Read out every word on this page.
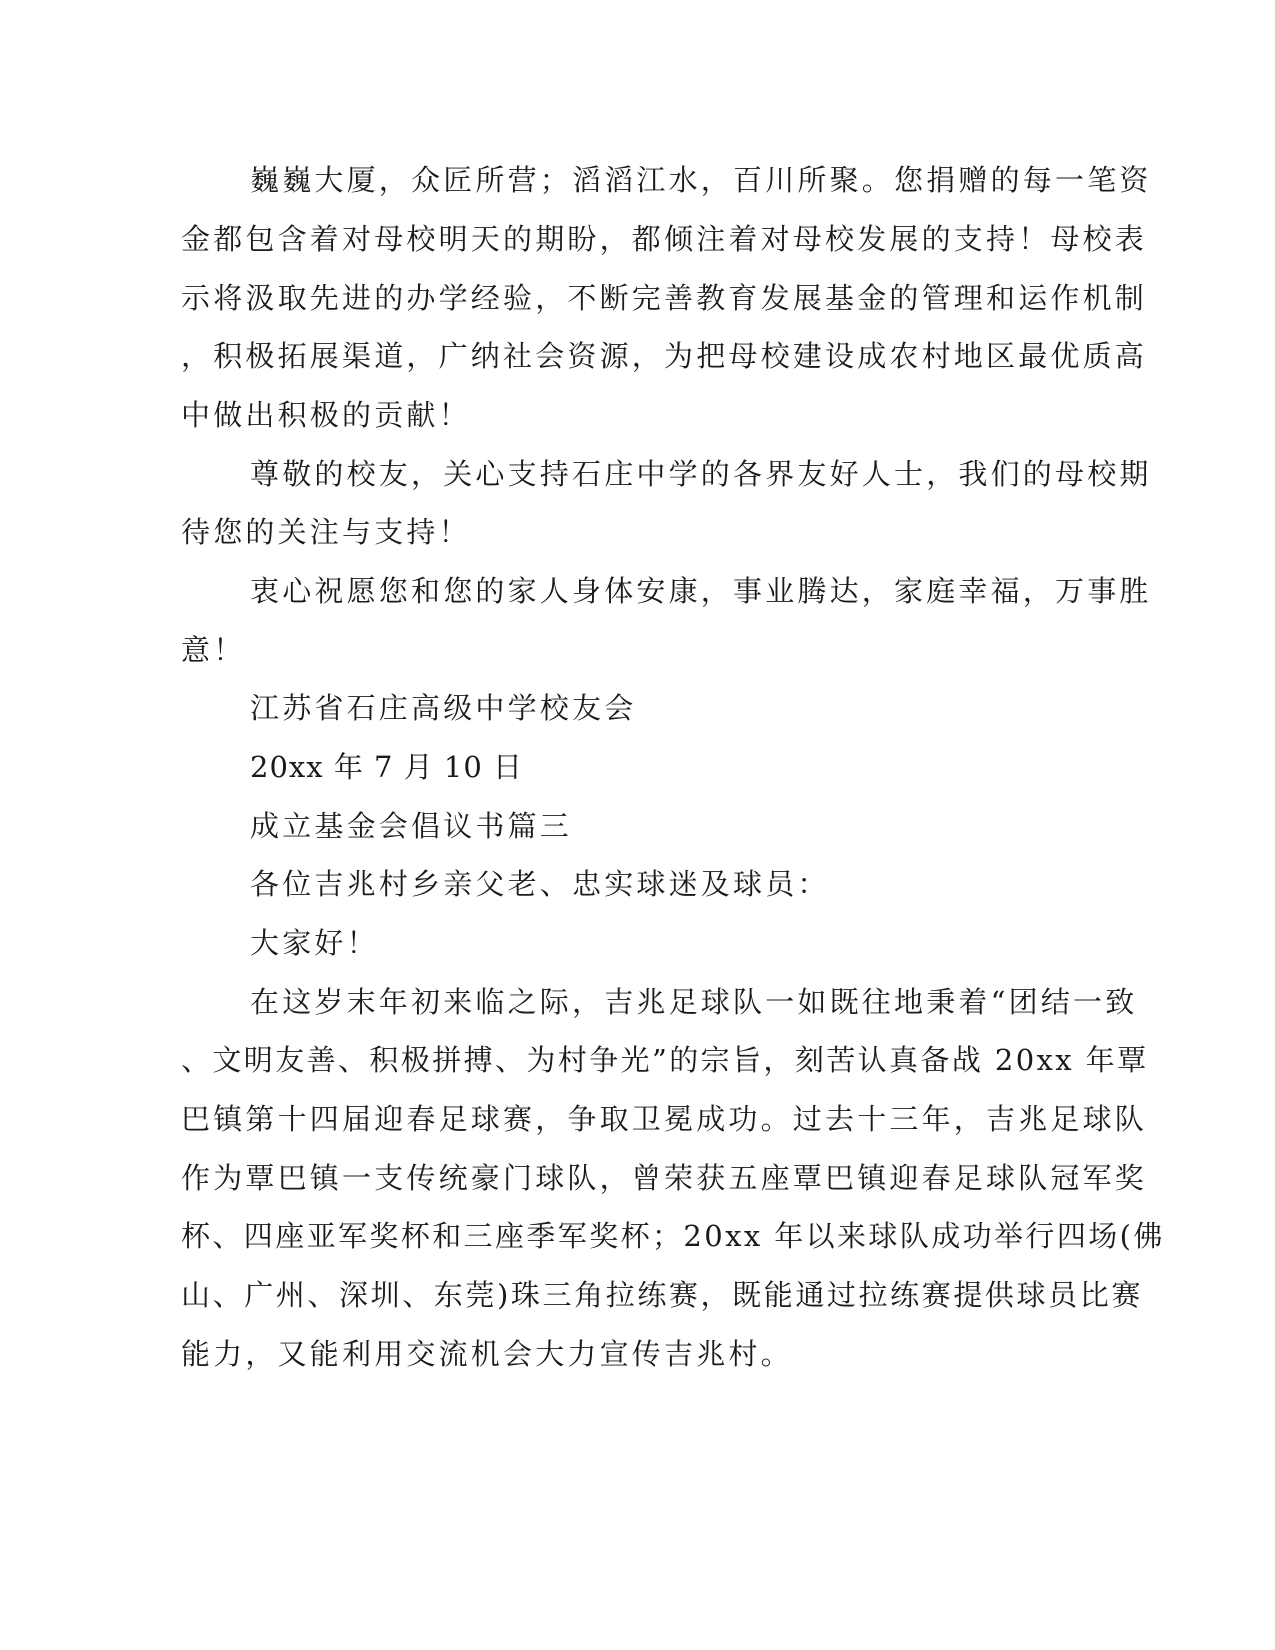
巍巍大厦，众匠所营；滔滔江水，百川所聚。您捐赠的每一笔资
金都包含着对母校明天的期盼，都倾注着对母校发展的支持！母校表
示将汲取先进的办学经验，不断完善教育发展基金的管理和运作机制
，积极拓展渠道，广纳社会资源，为把母校建设成农村地区最优质高
中做出积极的贡献！
尊敬的校友，关心支持石庄中学的各界友好人士，我们的母校期
待您的关注与支持！
衷心祝愿您和您的家人身体安康，事业腾达，家庭幸福，万事胜
意！
江苏省石庄高级中学校友会
20xx 年 7 月 10 日
成立基金会倡议书篇三
各位吉兆村乡亲父老、忠实球迷及球员：
大家好！
在这岁末年初来临之际，吉兆足球队一如既往地秉着“团结一致
、文明友善、积极拼搏、为村争光”的宗旨，刻苦认真备战 20xx 年覃
巴镇第十四届迎春足球赛，争取卫冕成功。过去十三年，吉兆足球队
作为覃巴镇一支传统豪门球队，曾荣获五座覃巴镇迎春足球队冠军奖
杯、四座亚军奖杯和三座季军奖杯；20xx 年以来球队成功举行四场(佛
山、广州、深圳、东莞)珠三角拉练赛，既能通过拉练赛提供球员比赛
能力，又能利用交流机会大力宣传吉兆村。
